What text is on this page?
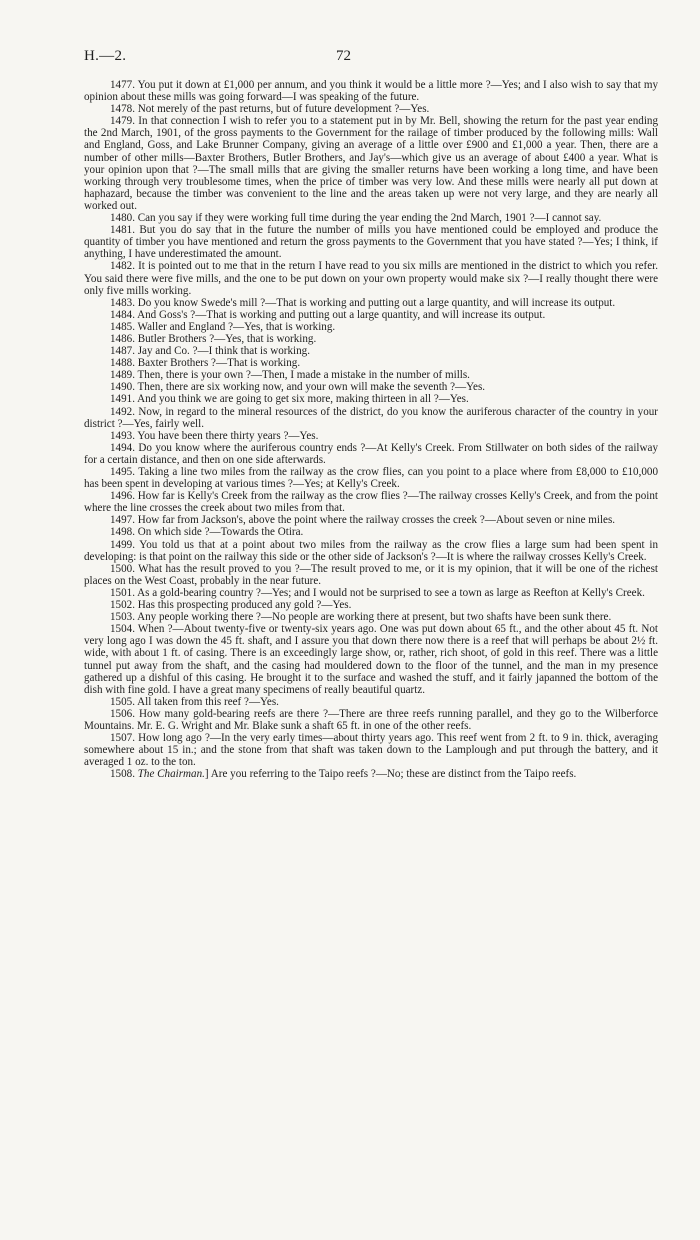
H.—2.	72

1477. You put it down at £1,000 per annum, and you think it would be a little more ?—Yes; and I also wish to say that my opinion about these mills was going forward—I was speaking of the future.

1478. Not merely of the past returns, but of future development ?—Yes.

1479. In that connection I wish to refer you to a statement put in by Mr. Bell, showing the return for the past year ending the 2nd March, 1901, of the gross payments to the Government for the railage of timber produced by the following mills: Wall and England, Goss, and Lake Brunner Company, giving an average of a little over £900 and £1,000 a year. Then, there are a number of other mills—Baxter Brothers, Butler Brothers, and Jay's—which give us an average of about £400 a year. What is your opinion upon that ?—The small mills that are giving the smaller returns have been working a long time, and have been working through very troublesome times, when the price of timber was very low. And these mills were nearly all put down at haphazard, because the timber was convenient to the line and the areas taken up were not very large, and they are nearly all worked out.

1480. Can you say if they were working full time during the year ending the 2nd March, 1901 ?—I cannot say.

1481. But you do say that in the future the number of mills you have mentioned could be employed and produce the quantity of timber you have mentioned and return the gross payments to the Government that you have stated ?—Yes; I think, if anything, I have underestimated the amount.

1482. It is pointed out to me that in the return I have read to you six mills are mentioned in the district to which you refer. You said there were five mills, and the one to be put down on your own property would make six ?—I really thought there were only five mills working.

1483. Do you know Swede's mill ?—That is working and putting out a large quantity, and will increase its output.

1484. And Goss's ?—That is working and putting out a large quantity, and will increase its output.

1485. Waller and England ?—Yes, that is working.

1486. Butler Brothers ?—Yes, that is working.

1487. Jay and Co. ?—I think that is working.

1488. Baxter Brothers ?—That is working.

1489. Then, there is your own ?—Then, I made a mistake in the number of mills.

1490. Then, there are six working now, and your own will make the seventh ?—Yes.

1491. And you think we are going to get six more, making thirteen in all ?—Yes.

1492. Now, in regard to the mineral resources of the district, do you know the auriferous character of the country in your district ?—Yes, fairly well.

1493. You have been there thirty years ?—Yes.

1494. Do you know where the auriferous country ends ?—At Kelly's Creek. From Stillwater on both sides of the railway for a certain distance, and then on one side afterwards.

1495. Taking a line two miles from the railway as the crow flies, can you point to a place where from £8,000 to £10,000 has been spent in developing at various times ?—Yes; at Kelly's Creek.

1496. How far is Kelly's Creek from the railway as the crow flies ?—The railway crosses Kelly's Creek, and from the point where the line crosses the creek about two miles from that.

1497. How far from Jackson's, above the point where the railway crosses the creek ?—About seven or nine miles.

1498. On which side ?—Towards the Otira.

1499. You told us that at a point about two miles from the railway as the crow flies a large sum had been spent in developing: is that point on the railway this side or the other side of Jackson's ?—It is where the railway crosses Kelly's Creek.

1500. What has the result proved to you ?—The result proved to me, or it is my opinion, that it will be one of the richest places on the West Coast, probably in the near future.

1501. As a gold-bearing country ?—Yes; and I would not be surprised to see a town as large as Reefton at Kelly's Creek.

1502. Has this prospecting produced any gold ?—Yes.

1503. Any people working there ?—No people are working there at present, but two shafts have been sunk there.

1504. When ?—About twenty-five or twenty-six years ago. One was put down about 65 ft., and the other about 45 ft. Not very long ago I was down the 45 ft. shaft, and I assure you that down there now there is a reef that will perhaps be about 2½ ft. wide, with about 1 ft. of casing. There is an exceedingly large show, or, rather, rich shoot, of gold in this reef. There was a little tunnel put away from the shaft, and the casing had mouldered down to the floor of the tunnel, and the man in my presence gathered up a dishful of this casing. He brought it to the surface and washed the stuff, and it fairly japanned the bottom of the dish with fine gold. I have a great many specimens of really beautiful quartz.

1505. All taken from this reef ?—Yes.

1506. How many gold-bearing reefs are there ?—There are three reefs running parallel, and they go to the Wilberforce Mountains. Mr. E. G. Wright and Mr. Blake sunk a shaft 65 ft. in one of the other reefs.

1507. How long ago ?—In the very early times—about thirty years ago. This reef went from 2 ft. to 9 in. thick, averaging somewhere about 15 in.; and the stone from that shaft was taken down to the Lamplough and put through the battery, and it averaged 1 oz. to the ton.

1508. The Chairman.] Are you referring to the Taipo reefs ?—No; these are distinct from the Taipo reefs.
